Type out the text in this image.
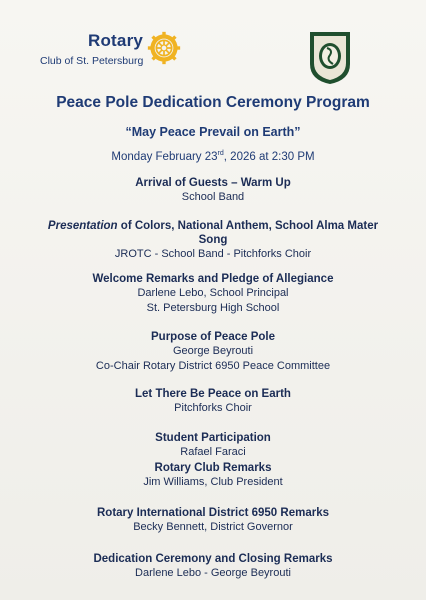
Rotary
Club of St. Petersburg
Peace Pole Dedication Ceremony Program
“May Peace Prevail on Earth”
Monday February 23rd, 2026 at 2:30 PM
Arrival of Guests – Warm Up
School Band
Presentation of Colors, National Anthem, School Alma Mater
Song
JROTC - School Band - Pitchforks Choir
Welcome Remarks and Pledge of Allegiance
Darlene Lebo, School Principal
St. Petersburg High School
Purpose of Peace Pole
George Beyrouti
Co-Chair Rotary District 6950 Peace Committee
Let There Be Peace on Earth
Pitchforks Choir
Student Participation
Rafael Faraci
Rotary Club Remarks
Jim Williams, Club President
Rotary International District 6950 Remarks
Becky Bennett, District Governor
Dedication Ceremony and Closing Remarks
Darlene Lebo - George Beyrouti
